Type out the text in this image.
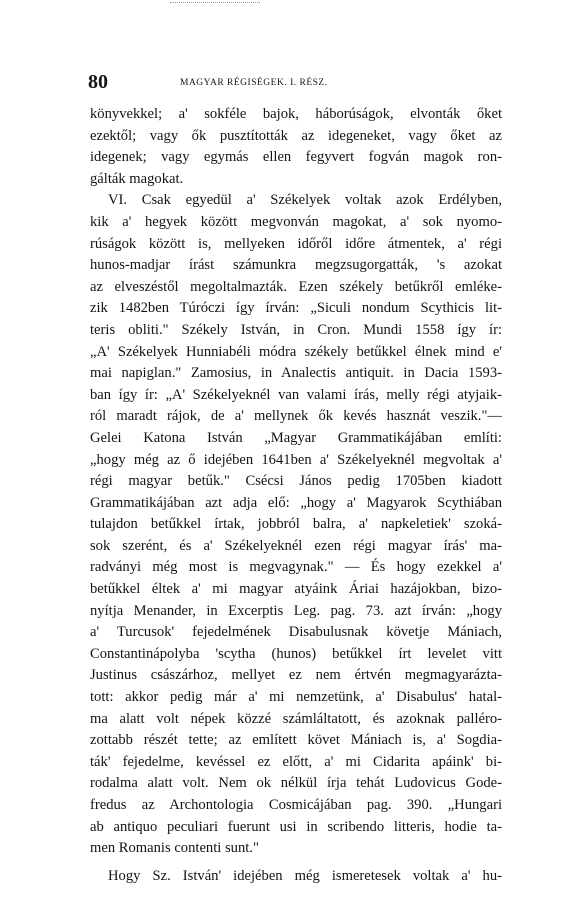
80	MAGYAR RÉGISÉGEK. I. RÉSZ.
könyvekkel; a' sokféle bajok, háborúságok, elvonták őket
ezektől; vagy ők pusztították az idegeneket, vagy őket az
idegenek; vagy egymás ellen fegyvert fogván magok ron-
gálták magokat.
VI. Csak egyedül a' Székelyek voltak azok Erdélyben,
kik a' hegyek között megvonván magokat, a' sok nyomo-
rúságok között is, mellyeken időről időre átmentek, a' régi
hunos-madjar írást számunkra megzsugorgatták, 's azokat
az elveszéstől megoltalmazták. Ezen székely betűkről emléke-
zik 1482ben Túróczi így írván: „Siculi nondum Scythicis lit-
teris obliti." Székely István, in Cron. Mundi 1558 így ír:
„A' Székelyek Hunniabéli módra székely betűkkel élnek mind e'
mai napiglan." Zamosius, in Analectis antiquit. in Dacia 1593-
ban így ír: „A' Székelyeknél van valami írás, melly régi atyjaik-
ról maradt rájok, de a' mellynek ők kevés hasznát veszik."—
Gelei Katona István „Magyar Grammatikájában említi:
„hogy még az ő idejében 1641ben a' Székelyeknél megvoltak a'
régi magyar betűk." Csécsi János pedig 1705ben kiadott
Grammatikájában azt adja elő: „hogy a' Magyarok Scythiában
tulajdon betűkkel írtak, jobbról balra, a' napkeletiek' szoká-
sok szerént, és a' Székelyeknél ezen régi magyar írás' ma-
radványi még most is megvagynak." — És hogy ezekkel a'
betűkkel éltek a' mi magyar atyáink Áriai hazájokban, bizo-
nyítja Menander, in Excerptis Leg. pag. 73. azt írván: „hogy
a' Turcusok' fejedelmének Disabulusnak követje Mániach,
Constantinápolyba 'scytha (hunos) betűkkel írt levelet vitt
Justinus császárhoz, mellyet ez nem értvén megmagyarázta-
tott: akkor pedig már a' mi nemzetünk, a' Disabulus' hatal-
ma alatt volt népek közzé számláltatott, és azoknak palléro-
zottabb részét tette; az említett követ Mániach is, a' Sogdia-
ták' fejedelme, kevéssel ez előtt, a' mi Cidarita apáink' bi-
rodalma alatt volt. Nem ok nélkül írja tehát Ludovicus Gode-
fredus az Archontologia Cosmicájában pag. 390. „Hungari
ab antiquo peculiari fuerunt usi in scribendo litteris, hodie ta-
men Romanis contenti sunt."
Hogy Sz. István' idejében még ismeretesek voltak a' hu-
